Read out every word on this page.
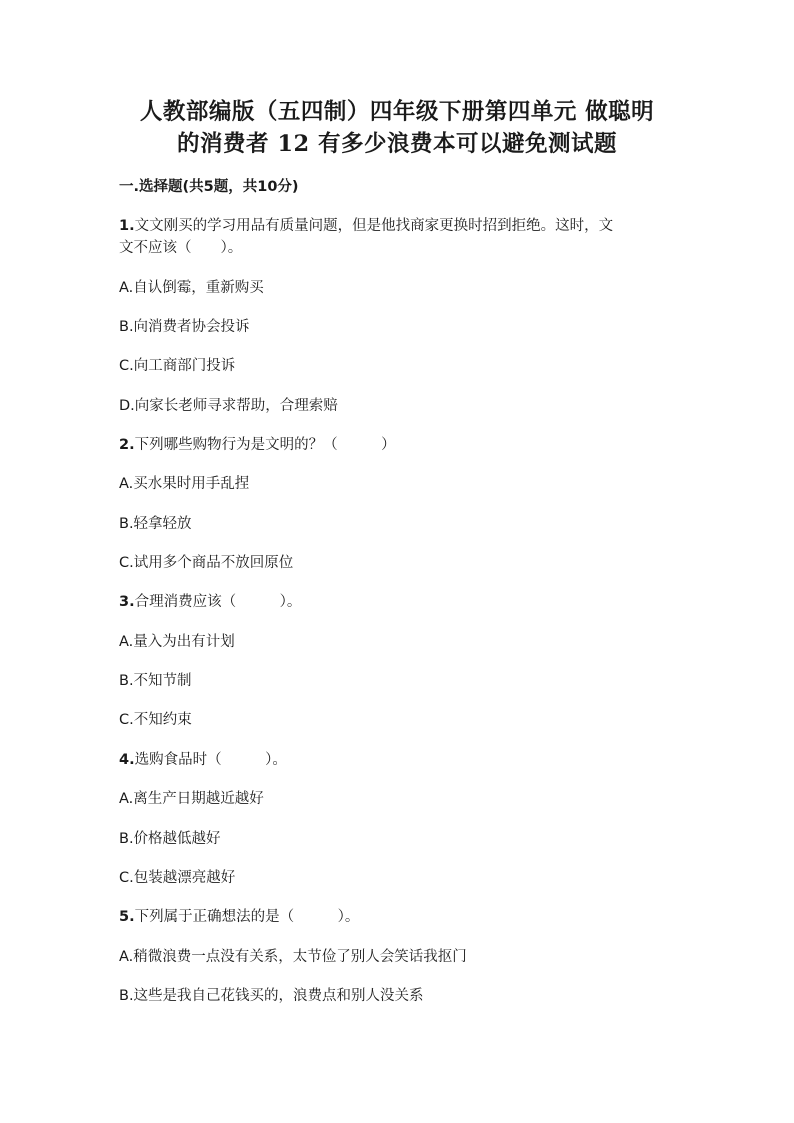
人教部编版（五四制）四年级下册第四单元 做聪明
的消费者 12 有多少浪费本可以避免测试题
一.选择题(共5题，共10分)
1.文文刚买的学习用品有质量问题，但是他找商家更换时招到拒绝。这时，文
文不应该（　　）。
A.自认倒霉，重新购买
B.向消费者协会投诉
C.向工商部门投诉
D.向家长老师寻求帮助，合理索赔
2.下列哪些购物行为是文明的？（　　　）
A.买水果时用手乱捏
B.轻拿轻放
C.试用多个商品不放回原位
3.合理消费应该（　　　）。
A.量入为出有计划
B.不知节制
C.不知约束
4.选购食品时（　　　）。
A.离生产日期越近越好
B.价格越低越好
C.包装越漂亮越好
5.下列属于正确想法的是（　　　）。
A.稍微浪费一点没有关系，太节俭了别人会笑话我抠门
B.这些是我自己花钱买的，浪费点和别人没关系
